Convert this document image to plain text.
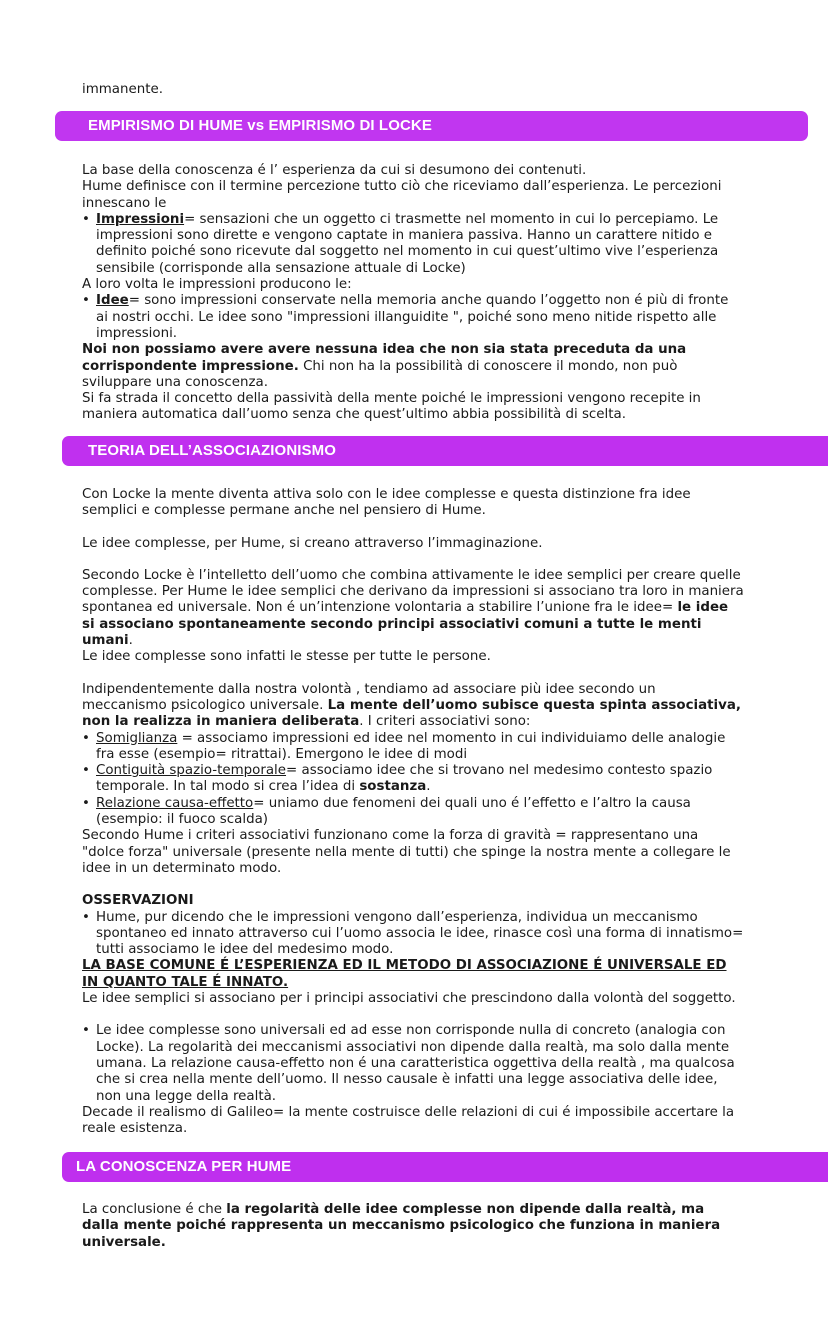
immanente.

EMPIRISMO DI HUME vs EMPIRISMO DI LOCKE

La base della conoscenza é l’ esperienza da cui si desumono dei contenuti.

Hume definisce con il termine percezione tutto ciò che riceviamo dall’esperienza. Le percezioni innescano le

• Impressioni= sensazioni che un oggetto ci trasmette nel momento in cui lo percepiamo. Le impressioni sono dirette e vengono captate in maniera passiva. Hanno un carattere nitido e definito poiché sono ricevute dal soggetto nel momento in cui quest’ultimo vive l’esperienza sensibile (corrisponde alla sensazione attuale di Locke)

A loro volta le impressioni producono le:

• Idee= sono impressioni conservate nella memoria anche quando l’oggetto non é più di fronte ai nostri occhi. Le idee sono "impressioni illanguidite ", poiché sono meno nitide rispetto alle impressioni.

Noi non possiamo avere avere nessuna idea che non sia stata preceduta da una corrispondente impressione. Chi non ha la possibilità di conoscere il mondo, non può sviluppare una conoscenza.

Si fa strada il concetto della passività della mente poiché le impressioni vengono recepite in maniera automatica dall’uomo senza che quest’ultimo abbia possibilità di scelta.

TEORIA DELL’ASSOCIAZIONISMO

Con Locke la mente diventa attiva solo con le idee complesse e questa distinzione fra idee semplici e complesse permane anche nel pensiero di Hume.

Le idee complesse, per Hume, si creano attraverso l’immaginazione.

Secondo Locke è l’intelletto dell’uomo che combina attivamente le idee semplici per creare quelle complesse. Per Hume le idee semplici che derivano da impressioni si associano tra loro in maniera spontanea ed universale. Non é un’intenzione volontaria a stabilire l’unione fra le idee= le idee si associano spontaneamente secondo principi associativi comuni a tutte le menti umani.

Le idee complesse sono infatti le stesse per tutte le persone.

Indipendentemente dalla nostra volontà , tendiamo ad associare più idee secondo un meccanismo psicologico universale. La mente dell’uomo subisce questa spinta associativa, non la realizza in maniera deliberata. I criteri associativi sono:

• Somiglianza = associamo impressioni ed idee nel momento in cui individuiamo delle analogie fra esse (esempio= ritrattai). Emergono le idee di modi
• Contiguità spazio-temporale= associamo idee che si trovano nel medesimo contesto spazio temporale. In tal modo si crea l’idea di sostanza.
• Relazione causa-effetto= uniamo due fenomeni dei quali uno é l’effetto e l’altro la causa (esempio: il fuoco scalda)

Secondo Hume i criteri associativi funzionano come la forza di gravità = rappresentano una "dolce forza" universale (presente nella mente di tutti) che spinge la nostra mente a collegare le idee in un determinato modo.

OSSERVAZIONI

• Hume, pur dicendo che le impressioni vengono dall’esperienza, individua un meccanismo spontaneo ed innato attraverso cui l’uomo associa le idee, rinasce così una forma di innatismo= tutti associamo le idee del medesimo modo.

LA BASE COMUNE É L’ESPERIENZA ED IL METODO DI ASSOCIAZIONE É UNIVERSALE ED IN QUANTO TALE É INNATO.

Le idee semplici si associano per i principi associativi che prescindono dalla volontà del soggetto.

• Le idee complesse sono universali ed ad esse non corrisponde nulla di concreto (analogia con Locke). La regolarità dei meccanismi associativi non dipende dalla realtà, ma solo dalla mente umana. La relazione causa-effetto non é una caratteristica oggettiva della realtà , ma qualcosa che si crea nella mente dell’uomo. Il nesso causale è infatti una legge associativa delle idee, non una legge della realtà.

Decade il realismo di Galileo= la mente costruisce delle relazioni di cui é impossibile accertare la reale esistenza.

LA CONOSCENZA PER HUME

La conclusione é che la regolarità delle idee complesse non dipende dalla realtà, ma dalla mente poiché rappresenta un meccanismo psicologico che funziona in maniera universale.
